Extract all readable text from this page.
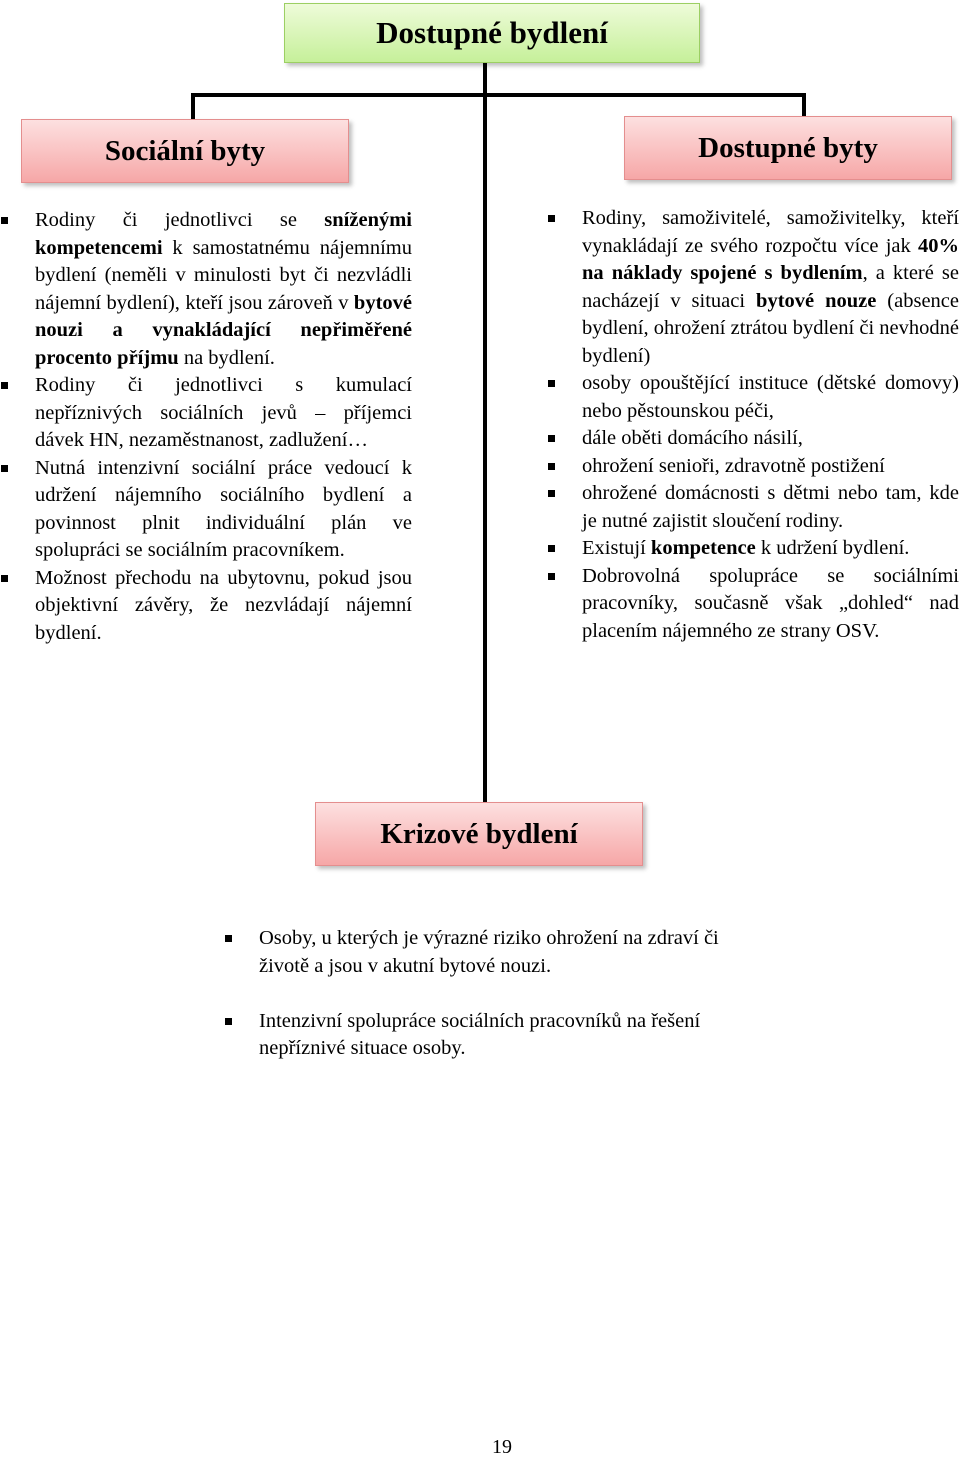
Dostupné bydlení
Sociální byty	Dostupné byty
Krizové bydlení
Rodiny či jednotlivci se sníženými kompetencemi k samostatnému nájemnímu bydlení (neměli v minulosti byt či nezvládli nájemní bydlení), kteří jsou zároveň v bytové nouzi a vynakládající nepřiměřené procento příjmu na bydlení.
Rodiny či jednotlivci s kumulací nepříznivých sociálních jevů – příjemci dávek HN, nezaměstnanost, zadlužení…
Nutná intenzivní sociální práce vedoucí k udržení nájemního sociálního bydlení a povinnost plnit individuální plán ve spolupráci se sociálním pracovníkem.
Možnost přechodu na ubytovnu, pokud jsou objektivní závěry, že nezvládají nájemní bydlení.
Rodiny, samoživitelé, samoživitelky, kteří vynakládají ze svého rozpočtu více jak 40% na náklady spojené s bydlením, a které se nacházejí v situaci bytové nouze (absence bydlení, ohrožení ztrátou bydlení či nevhodné bydlení)
osoby opouštějící instituce (dětské domovy) nebo pěstounskou péči,
dále oběti domácího násilí,
ohrožení senioři, zdravotně postižení
ohrožené domácnosti s dětmi nebo tam, kde je nutné zajistit sloučení rodiny.
Existují kompetence k udržení bydlení.
Dobrovolná spolupráce se sociálními pracovníky, současně však „dohled“ nad placením nájemného ze strany OSV.
Osoby, u kterých je výrazné riziko ohrožení na zdraví či životě a jsou v akutní bytové nouzi.
Intenzivní spolupráce sociálních pracovníků na řešení nepříznivé situace osoby.
19
